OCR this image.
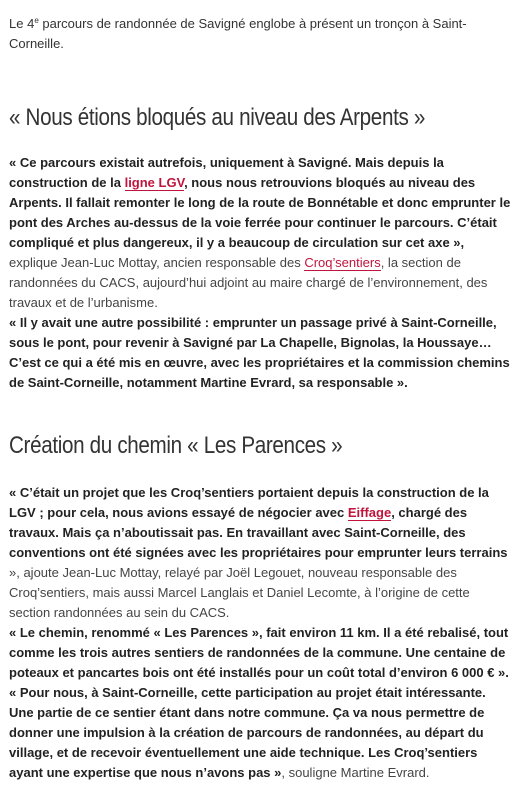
Le 4e parcours de randonnée de Savigné englobe à présent un tronçon à Saint-
Corneille.
« Nous étions bloqués au niveau des Arpents »
« Ce parcours existait autrefois, uniquement à Savigné. Mais depuis la
construction de la ligne LGV, nous nous retrouvions bloqués au niveau des
Arpents. Il fallait remonter le long de la route de Bonnétable et donc emprunter le
pont des Arches au-dessus de la voie ferrée pour continuer le parcours. C’était
compliqué et plus dangereux, il y a beaucoup de circulation sur cet axe »,
explique Jean-Luc Mottay, ancien responsable des Croq’sentiers, la section de
randonnées du CACS, aujourd’hui adjoint au maire chargé de l’environnement, des
travaux et de l’urbanisme.
« Il y avait une autre possibilité : emprunter un passage privé à Saint-Corneille,
sous le pont, pour revenir à Savigné par La Chapelle, Bignolas, la Houssaye…
C’est ce qui a été mis en œuvre, avec les propriétaires et la commission chemins
de Saint-Corneille, notamment Martine Evrard, sa responsable ».
Création du chemin « Les Parences »
« C’était un projet que les Croq’sentiers portaient depuis la construction de la
LGV ; pour cela, nous avions essayé de négocier avec Eiffage, chargé des
travaux. Mais ça n’aboutissait pas. En travaillant avec Saint-Corneille, des
conventions ont été signées avec les propriétaires pour emprunter leurs terrains
», ajoute Jean-Luc Mottay, relayé par Joël Legouet, nouveau responsable des
Croq’sentiers, mais aussi Marcel Langlais et Daniel Lecomte, à l’origine de cette
section randonnées au sein du CACS.
« Le chemin, renommé « Les Parences », fait environ 11 km. Il a été rebalisé, tout
comme les trois autres sentiers de randonnées de la commune. Une centaine de
poteaux et pancartes bois ont été installés pour un coût total d’environ 6 000 € ».
« Pour nous, à Saint-Corneille, cette participation au projet était intéressante.
Une partie de ce sentier étant dans notre commune. Ça va nous permettre de
donner une impulsion à la création de parcours de randonnées, au départ du
village, et de recevoir éventuellement une aide technique. Les Croq’sentiers
ayant une expertise que nous n’avons pas », souligne Martine Evrard.
